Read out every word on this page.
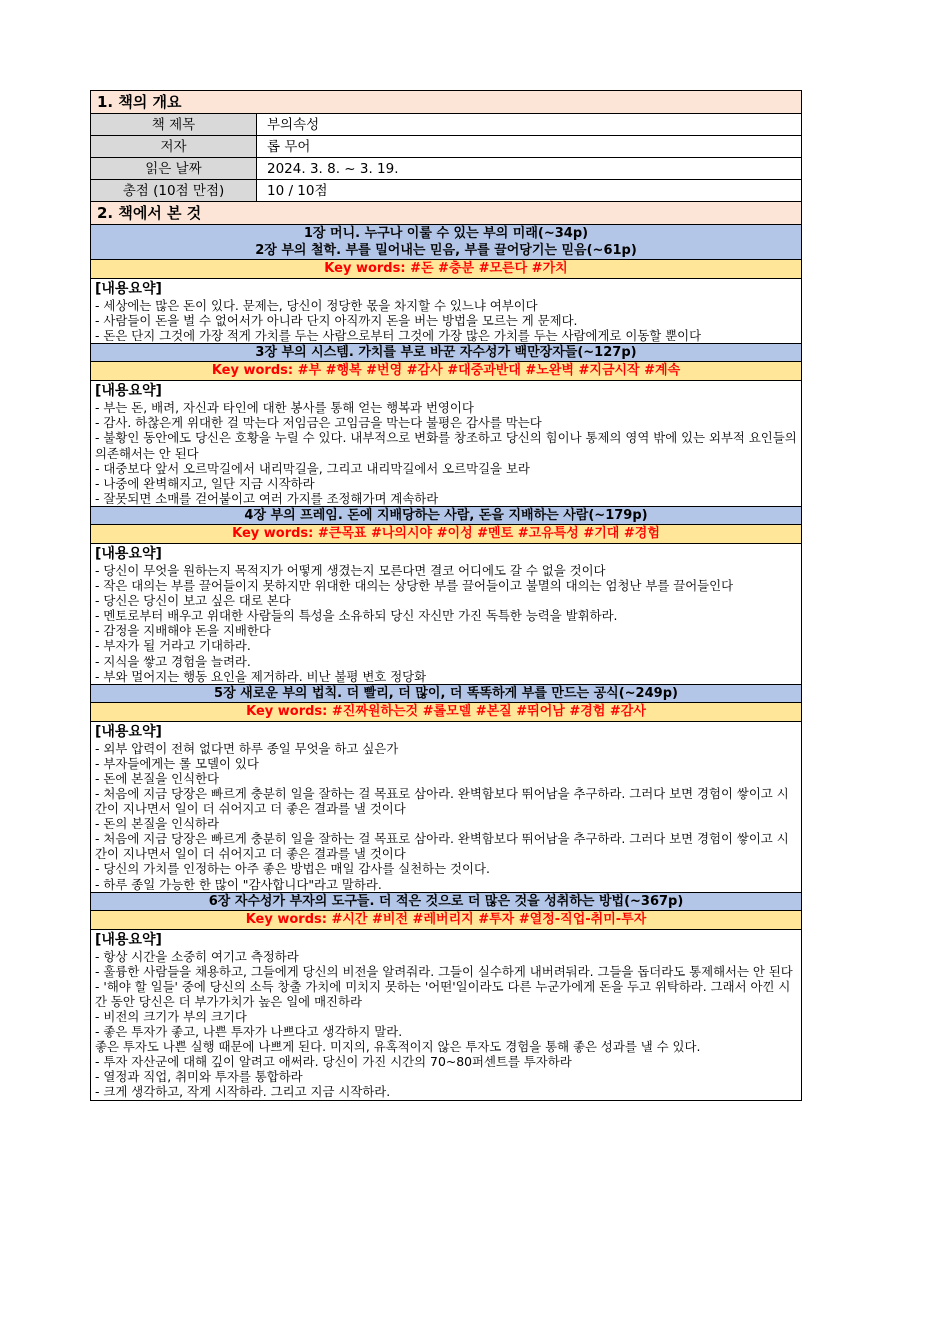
1. 책의 개요
책 제목	부의속성
저자	롭 무어
읽은 날짜	2024. 3. 8. ~ 3. 19.
총점 (10점 만점)	10 / 10점
2. 책에서 본 것
1장 머니. 누구나 이룰 수 있는 부의 미래(~34p)
2장 부의 철학. 부를 밀어내는 믿음, 부를 끌어당기는 믿음(~61p)
Key words: #돈 #충분 #모른다 #가치
[내용요약]
- 세상에는 많은 돈이 있다. 문제는, 당신이 정당한 몫을 차지할 수 있느냐 여부이다
- 사람들이 돈을 벌 수 없어서가 아니라 단지 아직까지 돈을 버는 방법을 모르는 게 문제다.
- 돈은 단지 그것에 가장 적게 가치를 두는 사람으로부터 그것에 가장 많은 가치를 두는 사람에게로 이동할 뿐이다
3장 부의 시스템. 가치를 부로 바꾼 자수성가 백만장자들(~127p)
Key words: #부 #행복 #번영 #감사 #대중과반대 #노완벽 #지금시작 #계속
[내용요약]
- 부는 돈, 배려, 자신과 타인에 대한 봉사를 통해 얻는 행복과 번영이다
- 감사. 하찮은게 위대한 걸 막는다 저임금은 고임금을 막는다 불평은 감사를 막는다
- 불황인 동안에도 당신은 호황을 누릴 수 있다. 내부적으로 변화를 창조하고 당신의 힘이나 통제의 영역 밖에 있는 외부적 요인들의 의존해서는 안 된다
- 대중보다 앞서 오르막길에서 내리막길을, 그리고 내리막길에서 오르막길을 보라
- 나중에 완벽해지고, 일단 지금 시작하라
- 잘못되면 소매를 걷어붙이고 여러 가지를 조정해가며 계속하라
4장 부의 프레임. 돈에 지배당하는 사람, 돈을 지배하는 사람(~179p)
Key words: #큰목표 #나의시야 #이성 #멘토 #고유특성 #기대 #경험
[내용요약]
- 당신이 무엇을 원하는지 목적지가 어떻게 생겼는지 모른다면 결코 어디에도 갈 수 없을 것이다
- 작은 대의는 부를 끌어들이지 못하지만 위대한 대의는 상당한 부를 끌어들이고 불멸의 대의는 엄청난 부를 끌어들인다
- 당신은 당신이 보고 싶은 대로 본다
- 멘토로부터 배우고 위대한 사람들의 특성을 소유하되 당신 자신만 가진 독특한 능력을 발휘하라.
- 감정을 지배해야 돈을 지배한다
- 부자가 될 거라고 기대하라.
- 지식을 쌓고 경험을 늘려라.
- 부와 멀어지는 행동 요인을 제거하라. 비난 불평 변호 정당화
5장 새로운 부의 법칙. 더 빨리, 더 많이, 더 똑똑하게 부를 만드는 공식(~249p)
Key words: #진짜원하는것 #롤모델 #본질 #뛰어남 #경험 #감사
[내용요약]
- 외부 압력이 전혀 없다면 하루 종일 무엇을 하고 싶은가
- 부자들에게는 롤 모델이 있다
- 돈에 본질을 인식한다
- 처음에 지금 당장은 빠르게 충분히 일을 잘하는 걸 목표로 삼아라. 완벽함보다 뛰어남을 추구하라. 그러다 보면 경험이 쌓이고 시간이 지나면서 일이 더 쉬어지고 더 좋은 결과를 낼 것이다
- 돈의 본질을 인식하라
- 처음에 지금 당장은 빠르게 충분히 일을 잘하는 걸 목표로 삼아라. 완벽함보다 뛰어남을 추구하라. 그러다 보면 경험이 쌓이고 시간이 지나면서 일이 더 쉬어지고 더 좋은 결과를 낼 것이다
- 당신의 가치를 인정하는 아주 좋은 방법은 매일 감사를 실천하는 것이다.
- 하루 종일 가능한 한 많이 "감사합니다"라고 말하라.
6장 자수성가 부자의 도구들. 더 적은 것으로 더 많은 것을 성취하는 방법(~367p)
Key words: #시간 #비전 #레버리지 #투자 #열정-직업-취미-투자
[내용요약]
- 항상 시간을 소중히 여기고 측정하라
- 훌륭한 사람들을 채용하고, 그들에게 당신의 비전을 알려줘라. 그들이 실수하게 내버려둬라. 그들을 돕더라도 통제해서는 안 된다
- '해야 할 일들' 중에 당신의 소득 창출 가치에 미치지 못하는 '어떤'일이라도 다른 누군가에게 돈을 두고 위탁하라. 그래서 아낀 시간 동안 당신은 더 부가가치가 높은 일에 매진하라
- 비전의 크기가 부의 크기다
- 좋은 투자가 좋고, 나쁜 투자가 나쁘다고 생각하지 말라.
좋은 투자도 나쁜 실행 때문에 나쁘게 된다. 미지의, 유혹적이지 않은 투자도 경험을 통해 좋은 성과를 낼 수 있다.
- 투자 자산군에 대해 깊이 알려고 애써라. 당신이 가진 시간의 70~80퍼센트를 투자하라
- 열정과 직업, 취미와 투자를 통합하라
- 크게 생각하고, 작게 시작하라. 그리고 지금 시작하라.
